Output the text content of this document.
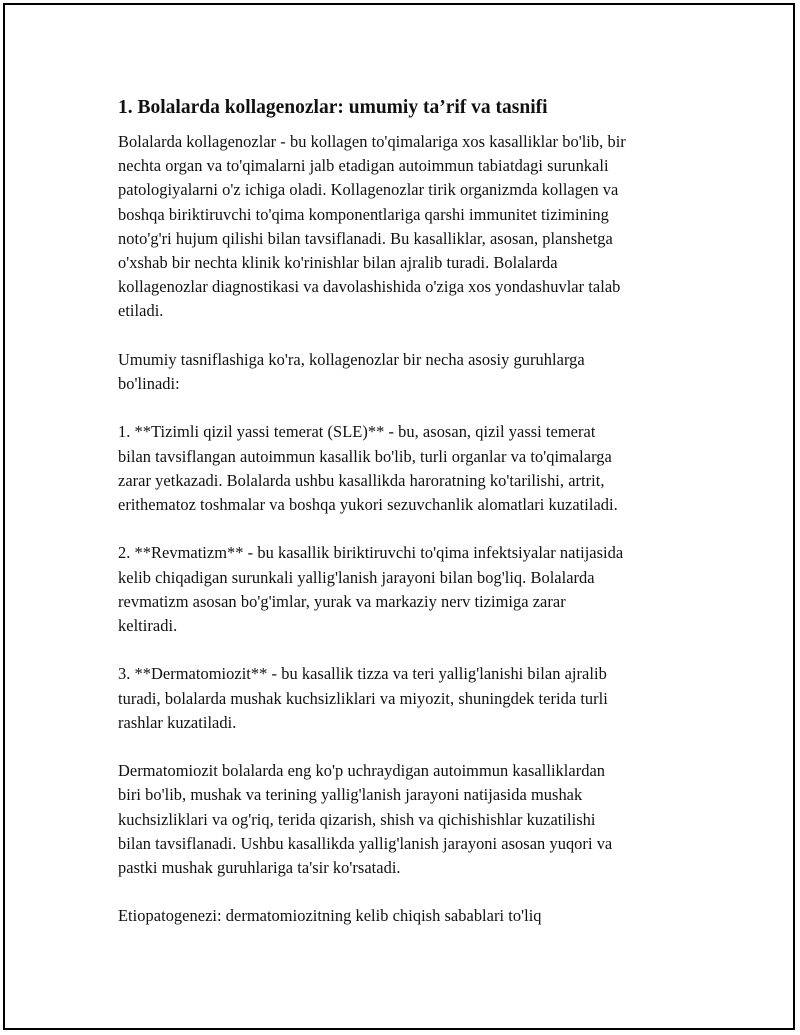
1. Bolalarda kollagenozlar: umumiy ta’rif va tasnifi
Bolalarda kollagenozlar - bu kollagen to'qimalariga xos kasalliklar bo'lib, bir
nechta organ va to'qimalarni jalb etadigan autoimmun tabiatdagi surunkali
patologiyalarni o'z ichiga oladi. Kollagenozlar tirik organizmda kollagen va
boshqa biriktiruvchi to'qima komponentlariga qarshi immunitet tizimining
noto'g'ri hujum qilishi bilan tavsiflanadi. Bu kasalliklar, asosan, planshetga
o'xshab bir nechta klinik ko'rinishlar bilan ajralib turadi. Bolalarda
kollagenozlar diagnostikasi va davolashishida o'ziga xos yondashuvlar talab
etiladi.
Umumiy tasniflashiga ko'ra, kollagenozlar bir necha asosiy guruhlarga
bo'linadi:
1. **Tizimli qizil yassi temerat (SLE)** - bu, asosan, qizil yassi temerat
bilan tavsiflangan autoimmun kasallik bo'lib, turli organlar va to'qimalarga
zarar yetkazadi. Bolalarda ushbu kasallikda haroratning ko'tarilishi, artrit,
erithematoz toshmalar va boshqa yukori sezuvchanlik alomatlari kuzatiladi.
2. **Revmatizm** - bu kasallik biriktiruvchi to'qima infektsiyalar natijasida
kelib chiqadigan surunkali yallig'lanish jarayoni bilan bog'liq. Bolalarda
revmatizm asosan bo'g'imlar, yurak va markaziy nerv tizimiga zarar
keltiradi.
3. **Dermatomiozit** - bu kasallik tizza va teri yallig'lanishi bilan ajralib
turadi, bolalarda mushak kuchsizliklari va miyozit, shuningdek terida turli
rashlar kuzatiladi.
Dermatomiozit bolalarda eng ko'p uchraydigan autoimmun kasalliklardan
biri bo'lib, mushak va terining yallig'lanish jarayoni natijasida mushak
kuchsizliklari va og'riq, terida qizarish, shish va qichishishlar kuzatilishi
bilan tavsiflanadi. Ushbu kasallikda yallig'lanish jarayoni asosan yuqori va
pastki mushak guruhlariga ta'sir ko'rsatadi.
Etiopatogenezi: dermatomiozitning kelib chiqish sabablari to'liq
